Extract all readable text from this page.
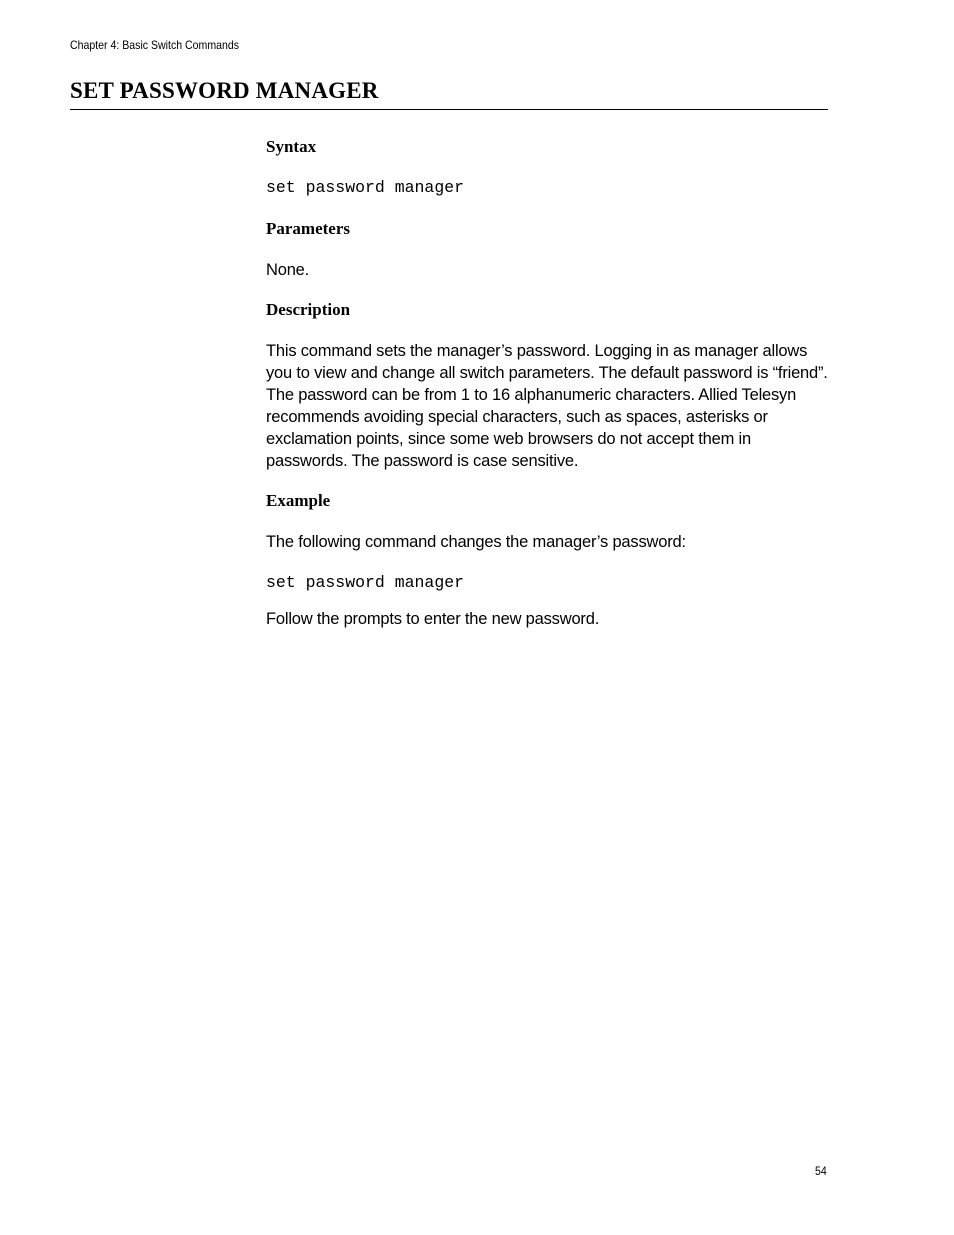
Chapter 4: Basic Switch Commands
SET PASSWORD MANAGER
Syntax

set password manager

Parameters

None.

Description

This command sets the manager’s password. Logging in as manager allows you to view and change all switch parameters. The default password is “friend”. The password can be from 1 to 16 alphanumeric characters. Allied Telesyn recommends avoiding special characters, such as spaces, asterisks or exclamation points, since some web browsers do not accept them in passwords. The password is case sensitive.

Example

The following command changes the manager’s password:

set password manager

Follow the prompts to enter the new password.

54
